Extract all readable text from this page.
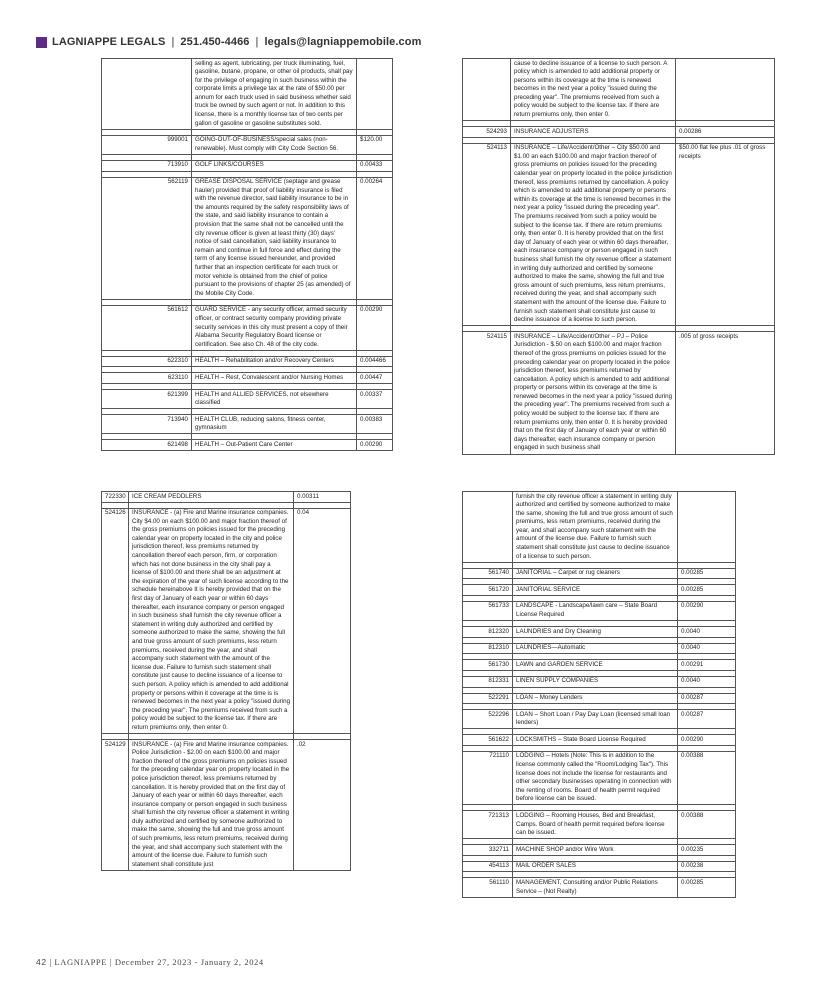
LAGNIAPPE LEGALS | 251.450-4466 | legals@lagniappemobile.com
	selling as agent, lubricating, per truck illuminating, fuel, gasoline, butane, propane, or other oil products, shall pay for the privilege of engaging in such business within the corporate limits a privilege tax at the rate of $50.00 per annum for each truck used in said business whether said truck be owned by such agent or not. In addition to this license, there is a monthly license tax of two cents per gallon of gasoline or gasoline substitutes sold.	

999001	GOING-OUT-OF-BUSINESS/special sales (non-renewable). Must comply with City Code Section 56.	$120.00

713910	GOLF LINKS/COURSES	0.00433

562119	GREASE DISPOSAL SERVICE (septage and grease hauler) provided that proof of liability insurance is filed with the revenue director, said liability insurance to be in the amounts required by the safety responsibility laws of the state, and said liability insurance to contain a provision that the same shall not be cancelled until the city revenue officer is given at least thirty (30) days' notice of said cancellation, said liability insurance to remain and continue in full force and effect during the term of any license issued hereunder, and provided further that an inspection certificate for each truck or motor vehicle is obtained from the chief of police pursuant to the provisions of chapter 25 (as amended) of the Mobile City Code.	0.00264

561612	GUARD SERVICE - any security officer, armed security officer, or contract security company providing private security services in this city must present a copy of their Alabama Security Regulatory Board license or certification. See also Ch. 48 of the city code.	0.00290

622310	HEALTH – Rehabilitation and/or Recovery Centers	0.004466

623110	HEALTH – Rest, Convalescent and/or Nursing Homes	0.00447

621399	HEALTH and ALLIED SERVICES, not elsewhere classified	0.00337

713940	HEALTH CLUB, reducing salons, fitness center, gymnasium	0.00383

621498	HEALTH – Out-Patient Care Center	0.00290
	cause to decline issuance of a license to such person. A policy which is amended to add additional property or persons within its coverage at the time is renewed becomes in the next year a policy "issued during the preceding year". The premiums received from such a policy would be subject to the license tax. If there are return premiums only, then enter 0.	

524293	INSURANCE ADJUSTERS	0.00286

524113	INSURANCE – Life/Accident/Other – City $50.00 and $1.00 an each $100.00 and major fraction thereof of gross premiums on policies issued for the preceding calendar year on property located in the police jurisdiction thereof, less premiums returned by cancellation. A policy which is amended to add additional property or persons within its coverage at the time is renewed becomes in the next year a policy "issued during the preceding year". The premiums received from such a policy would be subject to the license tax. If there are return premiums only, then enter 0. It is hereby provided that on the first day of January of each year or within 60 days thereafter, each insurance company or person engaged in such business shall furnish the city revenue officer a statement in writing duly authorized and certified by someone authorized to make the same, showing the full and true gross amount of such premiums, less return premiums, received during the year, and shall accompany such statement with the amount of the license due. Failure to furnish such statement shall constitute just cause to decline issuance of a license to such person.	$50.00 flat fee plus .01 of gross receipts

524115	INSURANCE – Life/Accident/Other – PJ – Police Jurisdiction - $.50 on each $100.00 and major fraction thereof of the gross premiums on policies issued for the preceding calendar year on property located in the police jurisdiction thereof, less premiums returned by cancellation. A policy which is amended to add additional property or persons within its coverage at the time is renewed becomes in the next year a policy "issued during the preceding year". The premiums received from such a policy would be subject to the license tax. If there are return premiums only, then enter 0. It is hereby provided that on the first day of January of each year or within 60 days thereafter, each insurance company or person engaged in such business shall	.005 of gross receipts
722330	ICE CREAM PEDDLERS	0.00311

524126	INSURANCE - (a) Fire and Marine insurance companies. City $4.00 on each $100.00 and major fraction thereof of the gross premiums on policies issued for the preceding calendar year on property located in the city and police jurisdiction thereof, less premiums returned by cancellation thereof each person, firm, or corporation which has not done business in the city shall pay a license of $100.00 and there shall be an adjustment at the expiration of the year of such license according to the schedule hereinabove It is hereby provided that on the first day of January of each year or within 60 days thereafter, each insurance company or person engaged in such business shall furnish the city revenue officer a statement in writing duly authorized and certified by someone authorized to make the same, showing the full and true gross amount of such premiums, less return premiums, received during the year, and shall accompany such statement with the amount of the license due. Failure to furnish such statement shall constitute just cause to decline issuance of a license to such person. A policy which is amended to add additional property or persons within it coverage at the time is is renewed becomes in the next year a policy "issued during the preceding year". The premiums received from such a policy would be subject to the license tax. If there are return premiums only, then enter 0.	0.04

524129	INSURANCE - (a) Fire and Marine insurance companies. Police Jurisdiction - $2.00 on each $100.00 and major fraction thereof of the gross premiums on policies issued for the preceding calendar year on property located in the police jurisdiction thereof, less premiums returned by cancellation. It is hereby provided that on the first day of January of each year or within 60 days thereafter, each insurance company or person engaged in such business shall furnish the city revenue officer a statement in writing duly authorized and certified by someone authorized to make the same, showing the full and true gross amount of such premiums, less return premiums, received during the year, and shall accompany such statement with the amount of the license due. Failure to furnish such statement shall constitute just	.02
	furnish the city revenue officer a statement in writing duly authorized and certified by someone authorized to make the same, showing the full and true gross amount of such premiums, less return premiums, received during the year, and shall accompany such statement with the amount of the license due. Failure to furnish such statement shall constitute just cause to decline issuance of a license to such person.	

561740	JANITORIAL – Carpet or rug cleaners	0.00285

561720	JANITORIAL SERVICE	0.00285

561733	LANDSCAPE - Landscape/lawn care – State Board License Required	0.00290

812320	LAUNDRIES and Dry Cleaning	0.0040

812310	LAUNDRIES—Automatic	0.0040

561730	LAWN and GARDEN SERVICE	0.00291

812331	LINEN SUPPLY COMPANIES	0.0040

522291	LOAN – Money Lenders	0.00287

522296	LOAN – Short Loan / Pay Day Loan (licensed small loan lenders)	0.00287

561622	LOCKSMITHS – State Board License Required	0.00290

721110	LODGING – Hotels (Note: This is in addition to the license commonly called the "Room/Lodging Tax"). This license does not include the license for restaurants and other secondary businesses operating in connection with the renting of rooms. Board of health permit required before license can be issued.	0.00388

721313	LODGING – Rooming Houses, Bed and Breakfast, Camps. Board of health permit required before license can be issued.	0.00388

332711	MACHINE SHOP and/or Wire Work	0.00235

454113	MAIL ORDER SALES	0.00238

561110	MANAGEMENT, Consulting and/or Public Relations Service – (Not Realty)	0.00285
42 | LAGNIAPPE | December 27, 2023 - January 2, 2024
